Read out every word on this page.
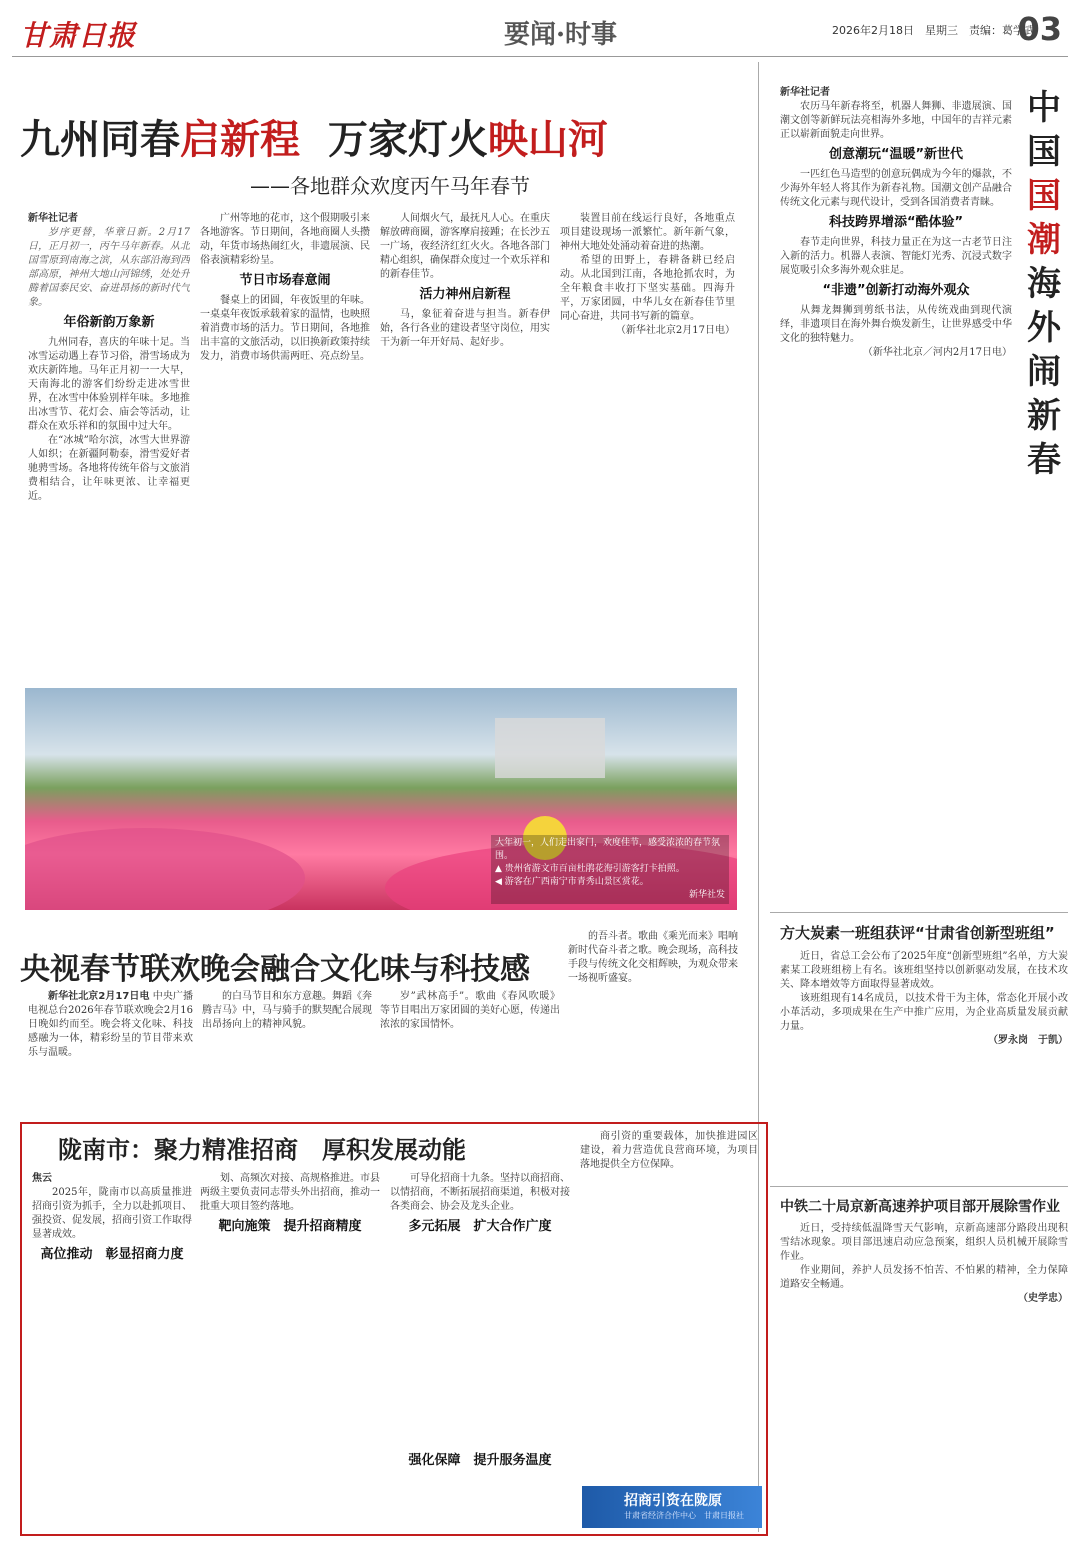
甘肃日报	要闻·时事	2026年2月18日　星期三　责编：葛学武
03
九州同春启新程 万家灯火映山河
——各地群众欢度丙午马年春节
新华社记者

岁序更替，华章日新。2月17日，正月初一，丙午马年新春。从北国雪原到南海之滨，从东部沿海到西部高原，神州大地山河锦绣，处处升腾着国泰民安、奋进昂扬的新时代气象。

年俗新韵万象新

九州同春，喜庆的年味十足。当冰雪运动遇上春节习俗，滑雪场成为欢庆新阵地。马年正月初一一大早，天南海北的游客们纷纷走进冰雪世界，在冰雪中体验别样年味。多地推出冰雪节、花灯会、庙会等活动，让群众在欢乐祥和的氛围中过大年。

在“冰城”哈尔滨，冰雪大世界游人如织；在新疆阿勒泰，滑雪爱好者驰骋雪场。各地将传统年俗与文旅消费相结合，让年味更浓、让幸福更近。

广州等地的花市，这个假期吸引来各地游客。节日期间，各地商圈人头攒动，年货市场热闹红火，非遗展演、民俗表演精彩纷呈。

节日市场春意闹

餐桌上的团圆，年夜饭里的年味。一桌桌年夜饭承载着家的温情，也映照着消费市场的活力。节日期间，各地推出丰富的文旅活动，以旧换新政策持续发力，消费市场供需两旺、亮点纷呈。

人间烟火气，最抚凡人心。在重庆解放碑商圈，游客摩肩接踵；在长沙五一广场，夜经济红红火火。各地各部门精心组织，确保群众度过一个欢乐祥和的新春佳节。

活力神州启新程

马，象征着奋进与担当。新春伊始，各行各业的建设者坚守岗位，用实干为新一年开好局、起好步。

装置目前在线运行良好，各地重点项目建设现场一派繁忙。新年新气象，神州大地处处涌动着奋进的热潮。

希望的田野上，春耕备耕已经启动。从北国到江南，各地抢抓农时，为全年粮食丰收打下坚实基础。四海升平，万家团圆，中华儿女在新春佳节里同心奋进，共同书写新的篇章。

（新华社北京2月17日电）
大年初一，人们走出家门，欢度佳节，感受浓浓的春节氛围。
▲ 贵州省游文市百亩杜鹃花海引游客打卡拍照。
◀ 游客在广西南宁市青秀山景区赏花。
新华社发
央视春节联欢晚会融合文化味与科技感

新华社北京2月17日电 中央广播电视总台2026年春节联欢晚会2月16日晚如约而至。晚会将文化味、科技感融为一体，精彩纷呈的节目带来欢乐与温暖。

的白马节目和东方意趣。舞蹈《奔腾吉马》中，马与骑手的默契配合展现出昂扬向上的精神风貌。

岁”武林高手”。歌曲《春风吹暖》等节目唱出万家团圆的美好心愿，传递出浓浓的家国情怀。

的吾斗者。歌曲《乘光而来》唱响新时代奋斗者之歌。晚会现场，高科技手段与传统文化交相辉映，为观众带来一场视听盛宴。

中
国
国
潮
海
外
闹
新
春
新华社记者

农历马年新春将至，机器人舞狮、非遗展演、国潮文创等新鲜玩法亮相海外多地，中国年的吉祥元素正以崭新面貌走向世界。

创意潮玩“温暖”新世代

一匹红色马造型的创意玩偶成为今年的爆款，不少海外年轻人将其作为新春礼物。国潮文创产品融合传统文化元素与现代设计，受到各国消费者青睐。

科技跨界增添“酷体验”

春节走向世界，科技力量正在为这一古老节日注入新的活力。机器人表演、智能灯光秀、沉浸式数字展览吸引众多海外观众驻足。

“非遗”创新打动海外观众

从舞龙舞狮到剪纸书法，从传统戏曲到现代演绎，非遗项目在海外舞台焕发新生，让世界感受中华文化的独特魅力。

（新华社北京／河内2月17日电）
方大炭素一班组获评“甘肃省创新型班组”

近日，省总工会公布了2025年度“创新型班组”名单，方大炭素某工段班组榜上有名。该班组坚持以创新驱动发展，在技术攻关、降本增效等方面取得显著成效。

该班组现有14名成员，以技术骨干为主体，常态化开展小改小革活动，多项成果在生产中推广应用，为企业高质量发展贡献力量。

（罗永岗　于凯）
中铁二十局京新高速养护项目部开展除雪作业

近日，受持续低温降雪天气影响，京新高速部分路段出现积雪结冰现象。项目部迅速启动应急预案，组织人员机械开展除雪作业。

作业期间，养护人员发扬不怕苦、不怕累的精神，全力保障道路安全畅通。

（史学忠）
陇南市：聚力精准招商　厚积发展动能
焦云

2025年，陇南市以高质量推进招商引资为抓手，全力以赴抓项目、强投资、促发展，招商引资工作取得显著成效。

高位推动　彰显招商力度

划、高频次对接、高规格推进。市县两级主要负责同志带头外出招商，推动一批重大项目签约落地。

靶向施策　提升招商精度

可导化招商十九条。坚持以商招商、以情招商，不断拓展招商渠道，积极对接各类商会、协会及龙头企业。

多元拓展　扩大合作广度
强化保障　提升服务温度

商引资的重要载体，加快推进园区建设，着力营造优良营商环境，为项目落地提供全方位保障。

招商引资在陇原
甘肃省经济合作中心　甘肃日报社
